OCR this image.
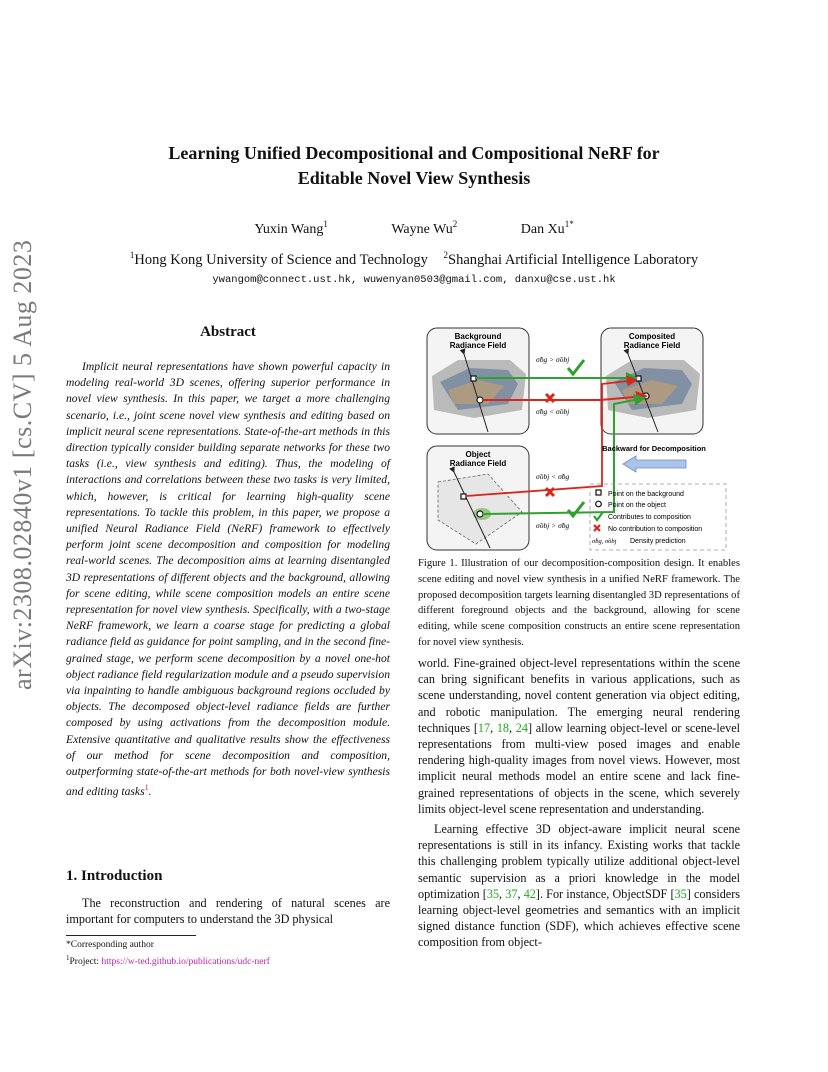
Learning Unified Decompositional and Compositional NeRF for
Editable Novel View Synthesis
Yuxin Wang$^1$	Wayne Wu$^2$	Dan $Xu^{1*}$
$^1$Hong Kong University of Science and Technology $^2$Shanghai Artificial Intelligence Laboratory
ywangom@connect.ust.hk, wuwenyan0503@gmail.com, danxu@cse.ust.hk
arXiv:2308.02840v1 [cs.CV] 5 Aug 2023	Abstract
Implicit neural representations have shown powerful capacity in modeling real-world 3D scenes, offering superior performance in novel view synthesis. In this paper, we target a more challenging scenario, i.e., joint scene novel view synthesis and editing based on implicit neural scene representations. State-of-the-art methods in this direction typically consider building separate networks for these two tasks (i.e., view synthesis and editing). Thus, the modeling of interactions and correlations between these two tasks is very limited, which, however, is critical for learning high-quality scene representations. To tackle this problem, in this paper, we propose a unified Neural Radiance Field (NeRF) framework to effectively perform joint scene decomposition and composition for modeling real-world scenes. The decomposition aims at learning disentangled 3D representations of different objects and the background, allowing for scene editing, while scene composition models an entire scene representation for novel view synthesis. Specifically, with a two-stage NeRF framework, we learn a coarse stage for predicting a global radiance field as guidance for point sampling, and in the second fine-grained stage, we perform scene decomposition by a novel one-hot object radiance field regularization module and a pseudo supervision via inpainting to handle ambiguous background regions occluded by objects. The decomposed object-level radiance fields are further composed by using activations from the decomposition module. Extensive quantitative and qualitative results show the effectiveness of our method for scene decomposition and composition, outperforming state-of-the-art methods for both novel-view synthesis and editing tasks$^1$.
1. Introduction
The reconstruction and rendering of natural scenes are important for computers to understand the 3D physical
*Corresponding author
$^1$Project: https://w-ted.github.io/publications/udc-nerf
Background
Radiance Field
Composited
Radiance Field
Object
Radiance Field
σ̂bg > σ̂obj
σ̂bg < σ̂obj
σ̂obj < σ̂bg
σ̂obj > σ̂bg
Backward for Decomposition
Point on the background
Point on the object
Contributes to composition
No contribution to composition
σ̂bg, σ̂obj Density prediction
Figure 1. Illustration of our decomposition-composition design. It enables scene editing and novel view synthesis in a unified NeRF framework. The proposed decomposition targets learning disentangled 3D representations of different foreground objects and the background, allowing for scene editing, while scene composition constructs an entire scene representation for novel view synthesis.

world. Fine-grained object-level representations within the scene can bring significant benefits in various applications, such as scene understanding, novel content generation via object editing, and robotic manipulation. The emerging neural rendering techniques [17, 18, 24] allow learning object-level or scene-level representations from multi-view posed images and enable rendering high-quality images from novel views. However, most implicit neural methods model an entire scene and lack fine-grained representations of objects in the scene, which severely limits object-level scene representation and understanding.

Learning effective 3D object-aware implicit neural scene representations is still in its infancy. Existing works that tackle this challenging problem typically utilize additional object-level semantic supervision as a priori knowledge in the model optimization [35, 37, 42]. For instance, ObjectSDF [35] considers learning object-level geometries and semantics with an implicit signed distance function (SDF), which achieves effective scene composition from object-
